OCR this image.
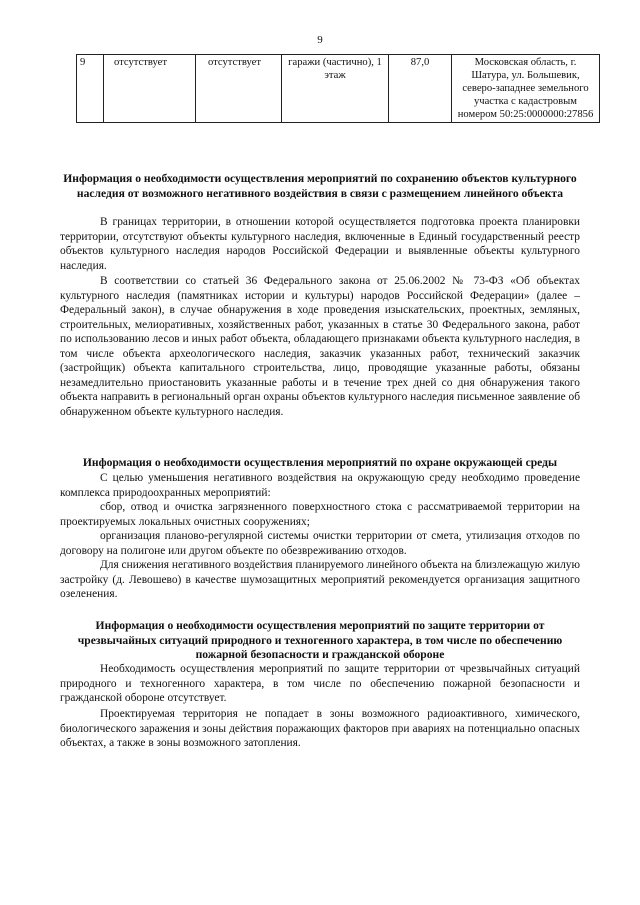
9
9	отсутствует	отсутствует	гаражи (частично), 1 этаж	87,0	Московская область, г. Шатура, ул. Большевик, северо-западнее земельного участка с кадастровым номером 50:25:0000000:27856
Информация о необходимости осуществления мероприятий по сохранению объектов культурного наследия от возможного негативного воздействия в связи с размещением линейного объекта

В границах территории, в отношении которой осуществляется подготовка проекта планировки территории, отсутствуют объекты культурного наследия, включенные в Единый государственный реестр объектов культурного наследия народов Российской Федерации и выявленные объекты культурного наследия.

В соответствии со статьей 36 Федерального закона от 25.06.2002 № 73-ФЗ «Об объектах культурного наследия (памятниках истории и культуры) народов Российской Федерации» (далее – Федеральный закон), в случае обнаружения в ходе проведения изыскательских, проектных, земляных, строительных, мелиоративных, хозяйственных работ, указанных в статье 30 Федерального закона, работ по использованию лесов и иных работ объекта, обладающего признаками объекта культурного наследия, в том числе объекта археологического наследия, заказчик указанных работ, технический заказчик (застройщик) объекта капитального строительства, лицо, проводящие указанные работы, обязаны незамедлительно приостановить указанные работы и в течение трех дней со дня обнаружения такого объекта направить в региональный орган охраны объектов культурного наследия письменное заявление об обнаруженном объекте культурного наследия.

Информация о необходимости осуществления мероприятий по охране окружающей среды

С целью уменьшения негативного воздействия на окружающую среду необходимо проведение комплекса природоохранных мероприятий:

сбор, отвод и очистка загрязненного поверхностного стока с рассматриваемой территории на проектируемых локальных очистных сооружениях;

организация планово-регулярной системы очистки территории от смета, утилизация отходов по договору на полигоне или другом объекте по обезвреживанию отходов.

Для снижения негативного воздействия планируемого линейного объекта на близлежащую жилую застройку (д. Левошево) в качестве шумозащитных мероприятий рекомендуется организация защитного озеленения.

Информация о необходимости осуществления мероприятий по защите территории от чрезвычайных ситуаций природного и техногенного характера, в том числе по обеспечению пожарной безопасности и гражданской обороне

Необходимость осуществления мероприятий по защите территории от чрезвычайных ситуаций природного и техногенного характера, в том числе по обеспечению пожарной безопасности и гражданской обороне отсутствует.

Проектируемая территория не попадает в зоны возможного радиоактивного, химического, биологического заражения и зоны действия поражающих факторов при авариях на потенциально опасных объектах, а также в зоны возможного затопления.
